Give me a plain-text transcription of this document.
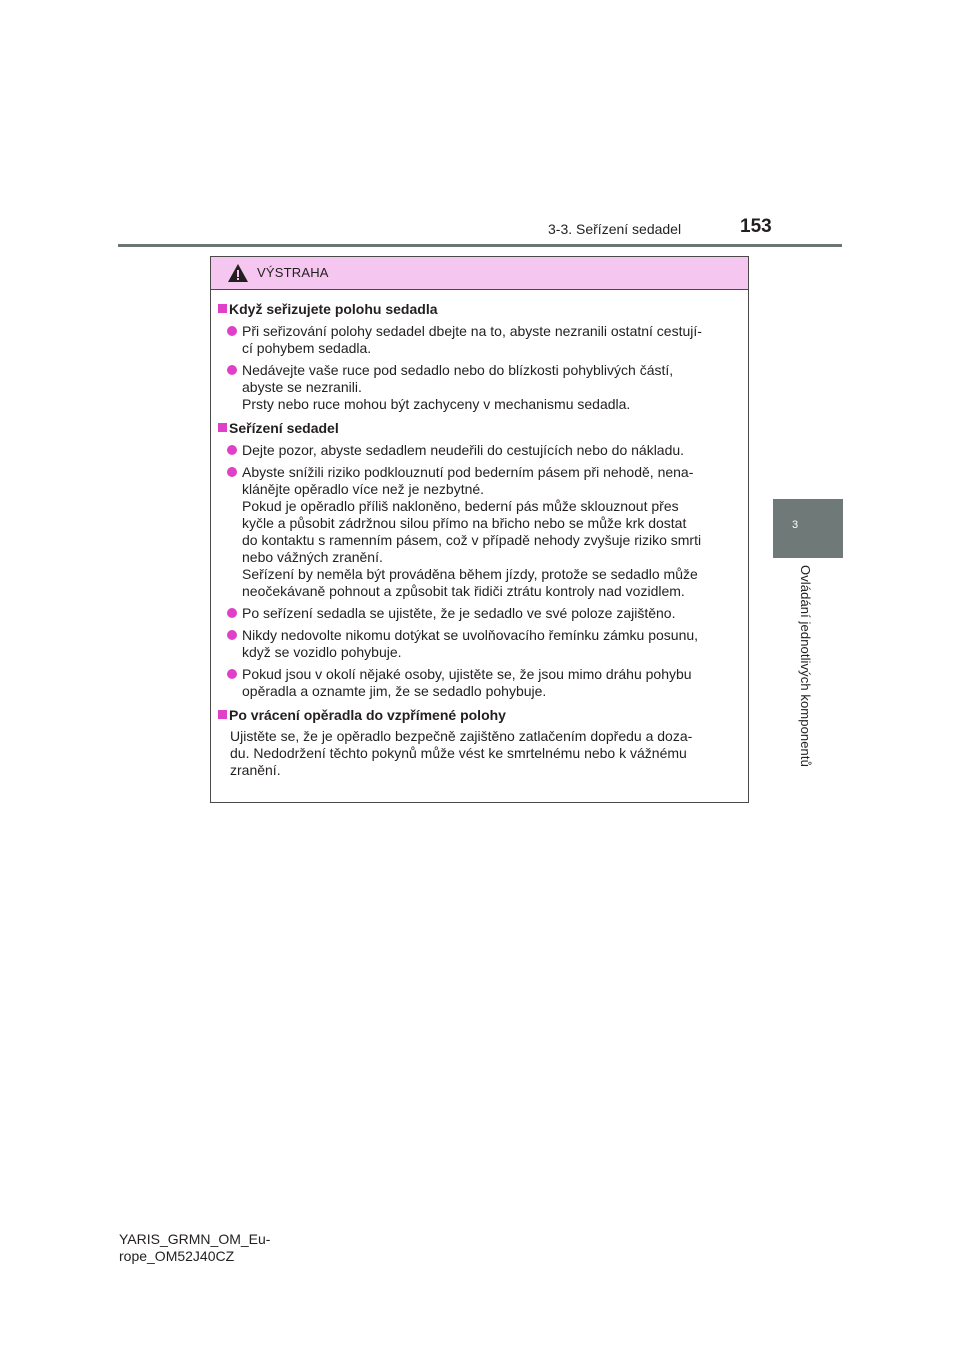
3-3. Seřízení sedadel	153
3
Ovládání jednotlivých komponentů
VÝSTRAHA
Když seřizujete polohu sedadla
Při seřizování polohy sedadel dbejte na to, abyste nezranili ostatní cestují-
cí pohybem sedadla.
Nedávejte vaše ruce pod sedadlo nebo do blízkosti pohyblivých částí,
abyste se nezranili.
Prsty nebo ruce mohou být zachyceny v mechanismu sedadla.
Seřízení sedadel
Dejte pozor, abyste sedadlem neudeřili do cestujících nebo do nákladu.
Abyste snížili riziko podklouznutí pod bederním pásem při nehodě, nena-
klánějte opěradlo více než je nezbytné.
Pokud je opěradlo příliš nakloněno, bederní pás může sklouznout přes
kyčle a působit zádržnou silou přímo na břicho nebo se může krk dostat
do kontaktu s ramenním pásem, což v případě nehody zvyšuje riziko smrti
nebo vážných zranění.
Seřízení by neměla být prováděna během jízdy, protože se sedadlo může
neočekávaně pohnout a způsobit tak řidiči ztrátu kontroly nad vozidlem.
Po seřízení sedadla se ujistěte, že je sedadlo ve své poloze zajištěno.
Nikdy nedovolte nikomu dotýkat se uvolňovacího řemínku zámku posunu,
když se vozidlo pohybuje.
Pokud jsou v okolí nějaké osoby, ujistěte se, že jsou mimo dráhu pohybu
opěradla a oznamte jim, že se sedadlo pohybuje.
Po vrácení opěradla do vzpřímené polohy
Ujistěte se, že je opěradlo bezpečně zajištěno zatlačením dopředu a doza-
du. Nedodržení těchto pokynů může vést ke smrtelnému nebo k vážnému
zranění.
YARIS_GRMN_OM_Eu-
rope_OM52J40CZ
